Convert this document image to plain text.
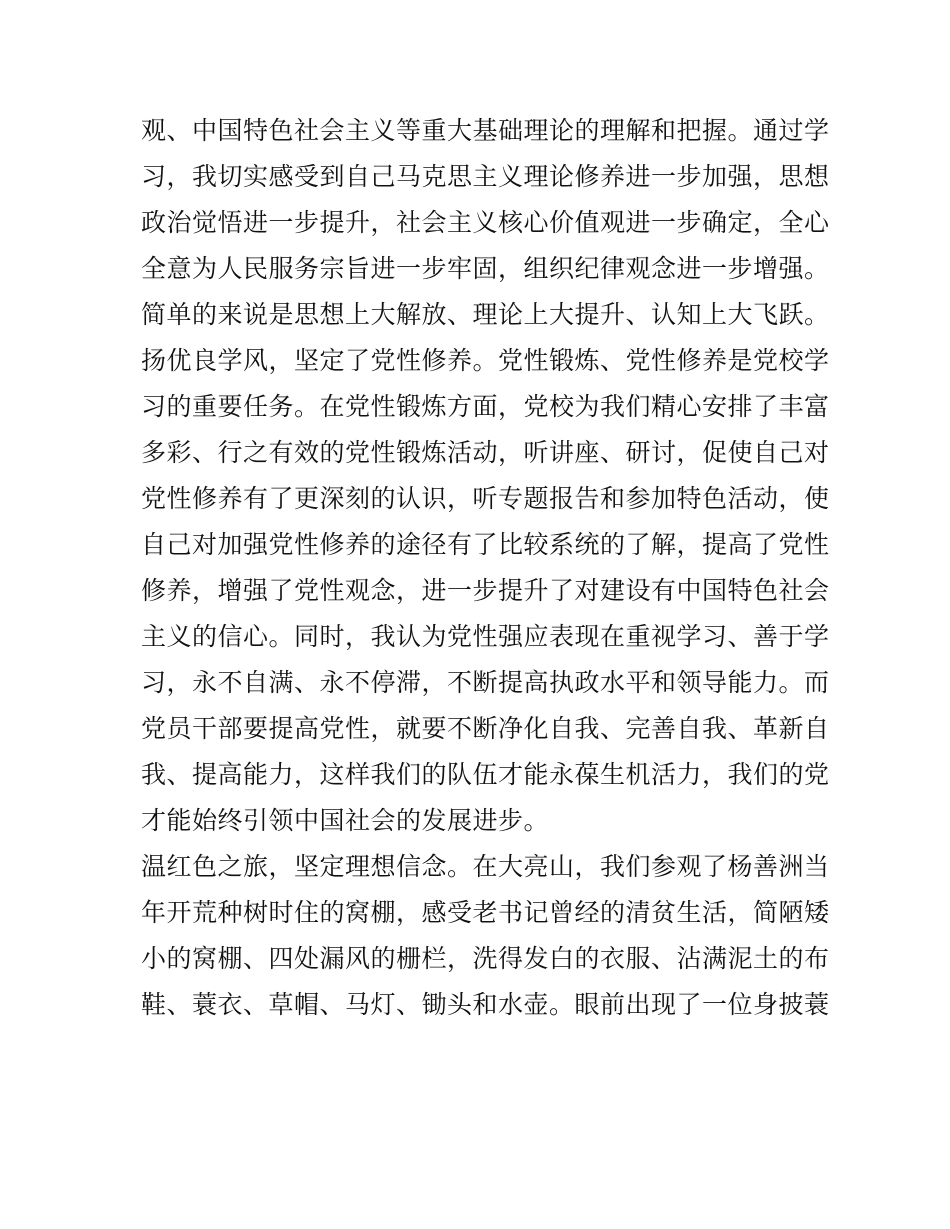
观、中国特色社会主义等重大基础理论的理解和把握。通过学
习，我切实感受到自己马克思主义理论修养进一步加强，思想
政治觉悟进一步提升，社会主义核心价值观进一步确定，全心
全意为人民服务宗旨进一步牢固，组织纪律观念进一步增强。
简单的来说是思想上大解放、理论上大提升、认知上大飞跃。
扬优良学风，坚定了党性修养。党性锻炼、党性修养是党校学
习的重要任务。在党性锻炼方面，党校为我们精心安排了丰富
多彩、行之有效的党性锻炼活动，听讲座、研讨，促使自己对
党性修养有了更深刻的认识，听专题报告和参加特色活动，使
自己对加强党性修养的途径有了比较系统的了解，提高了党性
修养，增强了党性观念，进一步提升了对建设有中国特色社会
主义的信心。同时，我认为党性强应表现在重视学习、善于学
习，永不自满、永不停滞，不断提高执政水平和领导能力。而
党员干部要提高党性，就要不断净化自我、完善自我、革新自
我、提高能力，这样我们的队伍才能永葆生机活力，我们的党
才能始终引领中国社会的发展进步。
温红色之旅，坚定理想信念。在大亮山，我们参观了杨善洲当
年开荒种树时住的窝棚，感受老书记曾经的清贫生活，简陋矮
小的窝棚、四处漏风的栅栏，洗得发白的衣服、沾满泥土的布
鞋、蓑衣、草帽、马灯、锄头和水壶。眼前出现了一位身披蓑
